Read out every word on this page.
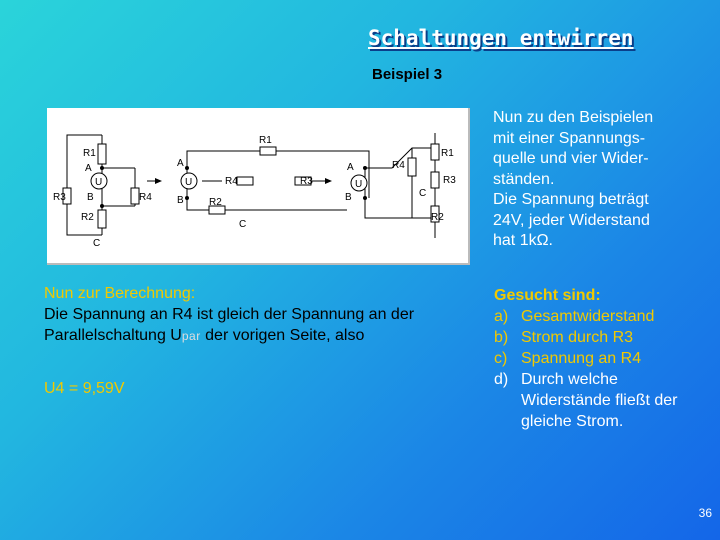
Schaltungen entwirren
Beispiel 3
R1
A
U
B
R3	R4
R2
C
R1
A
U
B
R4	R3
R2
C
R1
R4
A
U
B	C
R3
R2

Nun zu den Beispielen

mit einer Spannungs-

quelle und vier Wider-

ständen.

Die Spannung beträgt

24V, jeder Widerstand

hat 1kΩ.

Nun zur Berechnung:

Die Spannung an R4 ist gleich der Spannung an der Parallelschaltung Upar der vorigen Seite, also

U4 = 9,59V

Gesucht sind:

a) Gesamtwiderstand
b) Strom durch R3
c) Spannung an R4
d) Durch welche Widerstände fließt der gleiche Strom.
36
